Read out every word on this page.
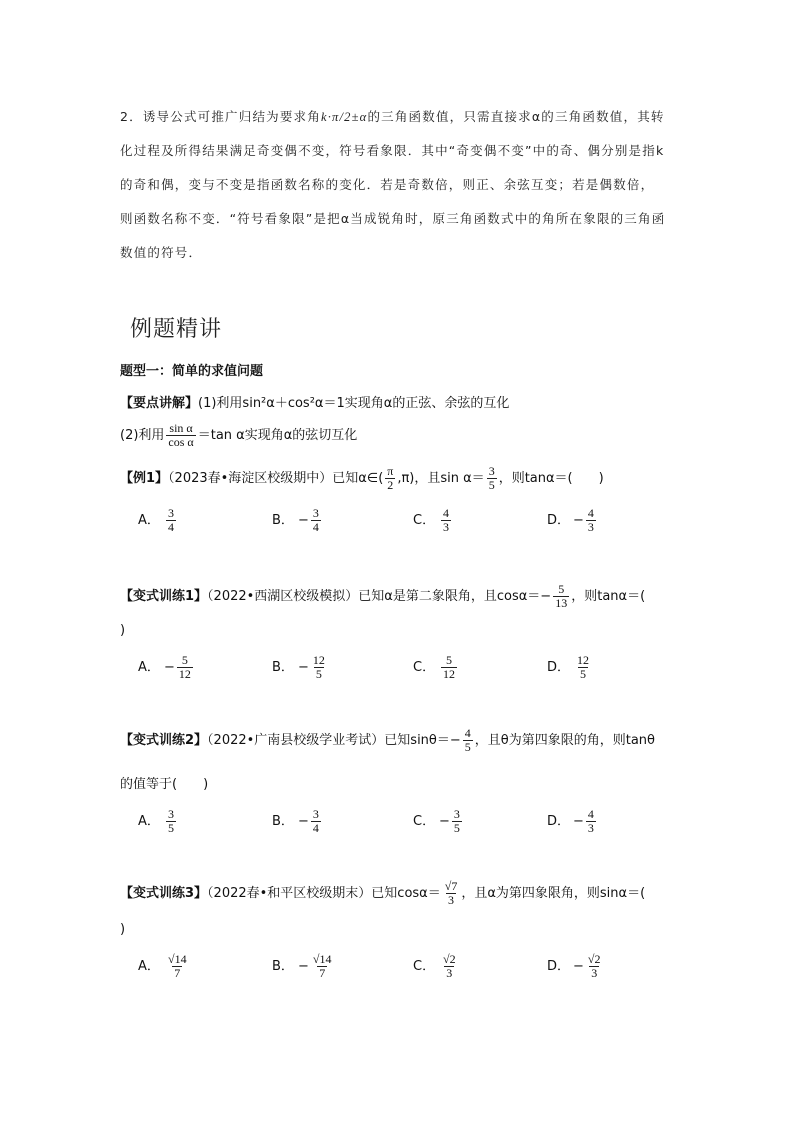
2．诱导公式可推广归结为要求角k·π/2±α的三角函数值，只需直接求α的三角函数值，其转
化过程及所得结果满足奇变偶不变，符号看象限．其中“奇变偶不变”中的奇、偶分别是指k
的奇和偶，变与不变是指函数名称的变化．若是奇数倍，则正、余弦互变；若是偶数倍，
则函数名称不变．“符号看象限”是把α当成锐角时，原三角函数式中的角所在象限的三角函
数值的符号．
例题精讲
题型一：简单的求值问题
【要点讲解】(1)利用sin²α＋cos²α＝1实现角α的正弦、余弦的互化
(2)利用 $\frac{\text{sin α}}{\text{cos α}} =\tan$ α实现角α的弦切互化
【例1】（2023春•海淀区校级期中）已知α∈( $\frac{\pi}{2} ,\pi$)，且$\sin \alpha= \frac{3}{5}$ ，则tanα＝(　　)
A． $\frac{3}{4}$	B． − $\frac{3}{4}$	C． $\frac{4}{3}$	D． − $\frac{4}{3}$
【变式训练1】（2022•西湖区校级模拟）已知α是第二象限角，且$\cos\alpha=- \frac{5}{13}$ ，则tanα＝(
)
A． − $\frac{5}{12}$	B． − $\frac{12}{5}$	C． $\frac{5}{12}$	D． $\frac{12}{5}$
【变式训练2】（2022•广南县校级学业考试）已知$\sin\theta=- \frac{4}{5}$ ，且θ为第四象限的角，则tanθ
的值等于(　　)
A． $\frac{3}{5}$	B． − $\frac{3}{4}$	C． − $\frac{3}{5}$	D． − $\frac{4}{3}$
【变式训练3】（2022春•和平区校级期末）已知$\cos\alpha= \frac{√7}{3}$ ，且α为第四象限角，则sinα＝(
)
A． $\frac{√14}{7}$	B． − $\frac{√14}{7}$	C． $\frac{√2}{3}$	D． − $\frac{√2}{3}$
